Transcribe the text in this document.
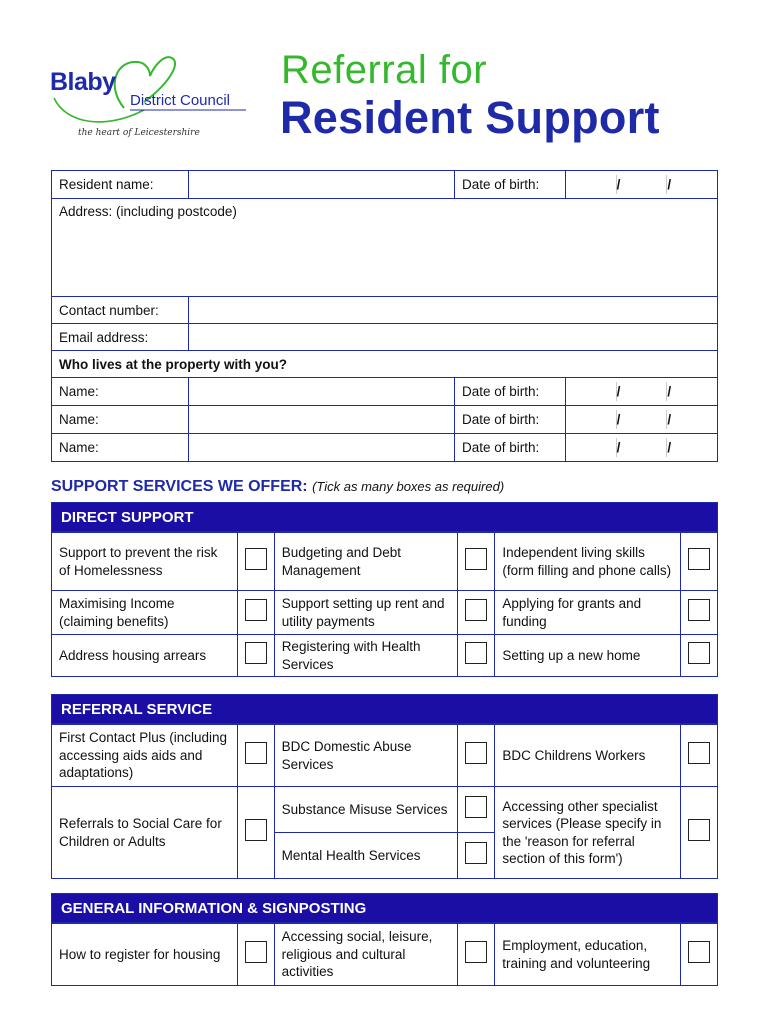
Blaby
District Council
the heart of Leicestershire
Referral for
Resident Support
Resident name:		Date of birth:	/ /

Address: (including postcode)			
Contact number:			
Email address:			
Who lives at the property with you?			
Name:		Date of birth:	/ /

Name:		Date of birth:	/ /

Name:		Date of birth:	/ /
SUPPORT SERVICES WE OFFER: (Tick as many boxes as required)
DIRECT SUPPORT
Support to prevent the risk of Homelessness		Budgeting and Debt Management		Independent living skills (form filling and phone calls)	
Maximising Income (claiming benefits)		Support setting up rent and utility payments		Applying for grants and funding	
Address housing arrears		Registering with Health Services		Setting up a new home	
REFERRAL SERVICE
First Contact Plus (including accessing aids aids and adaptations)		BDC Domestic Abuse Services		BDC Childrens Workers	
Referrals to Social Care for Children or Adults		Substance Misuse Services		Accessing other specialist services (Please specify in the 'reason for referral section of this form')	
		Mental Health Services			
GENERAL INFORMATION & SIGNPOSTING
How to register for housing		Accessing social, leisure, religious and cultural activities		Employment, education, training and volunteering	
